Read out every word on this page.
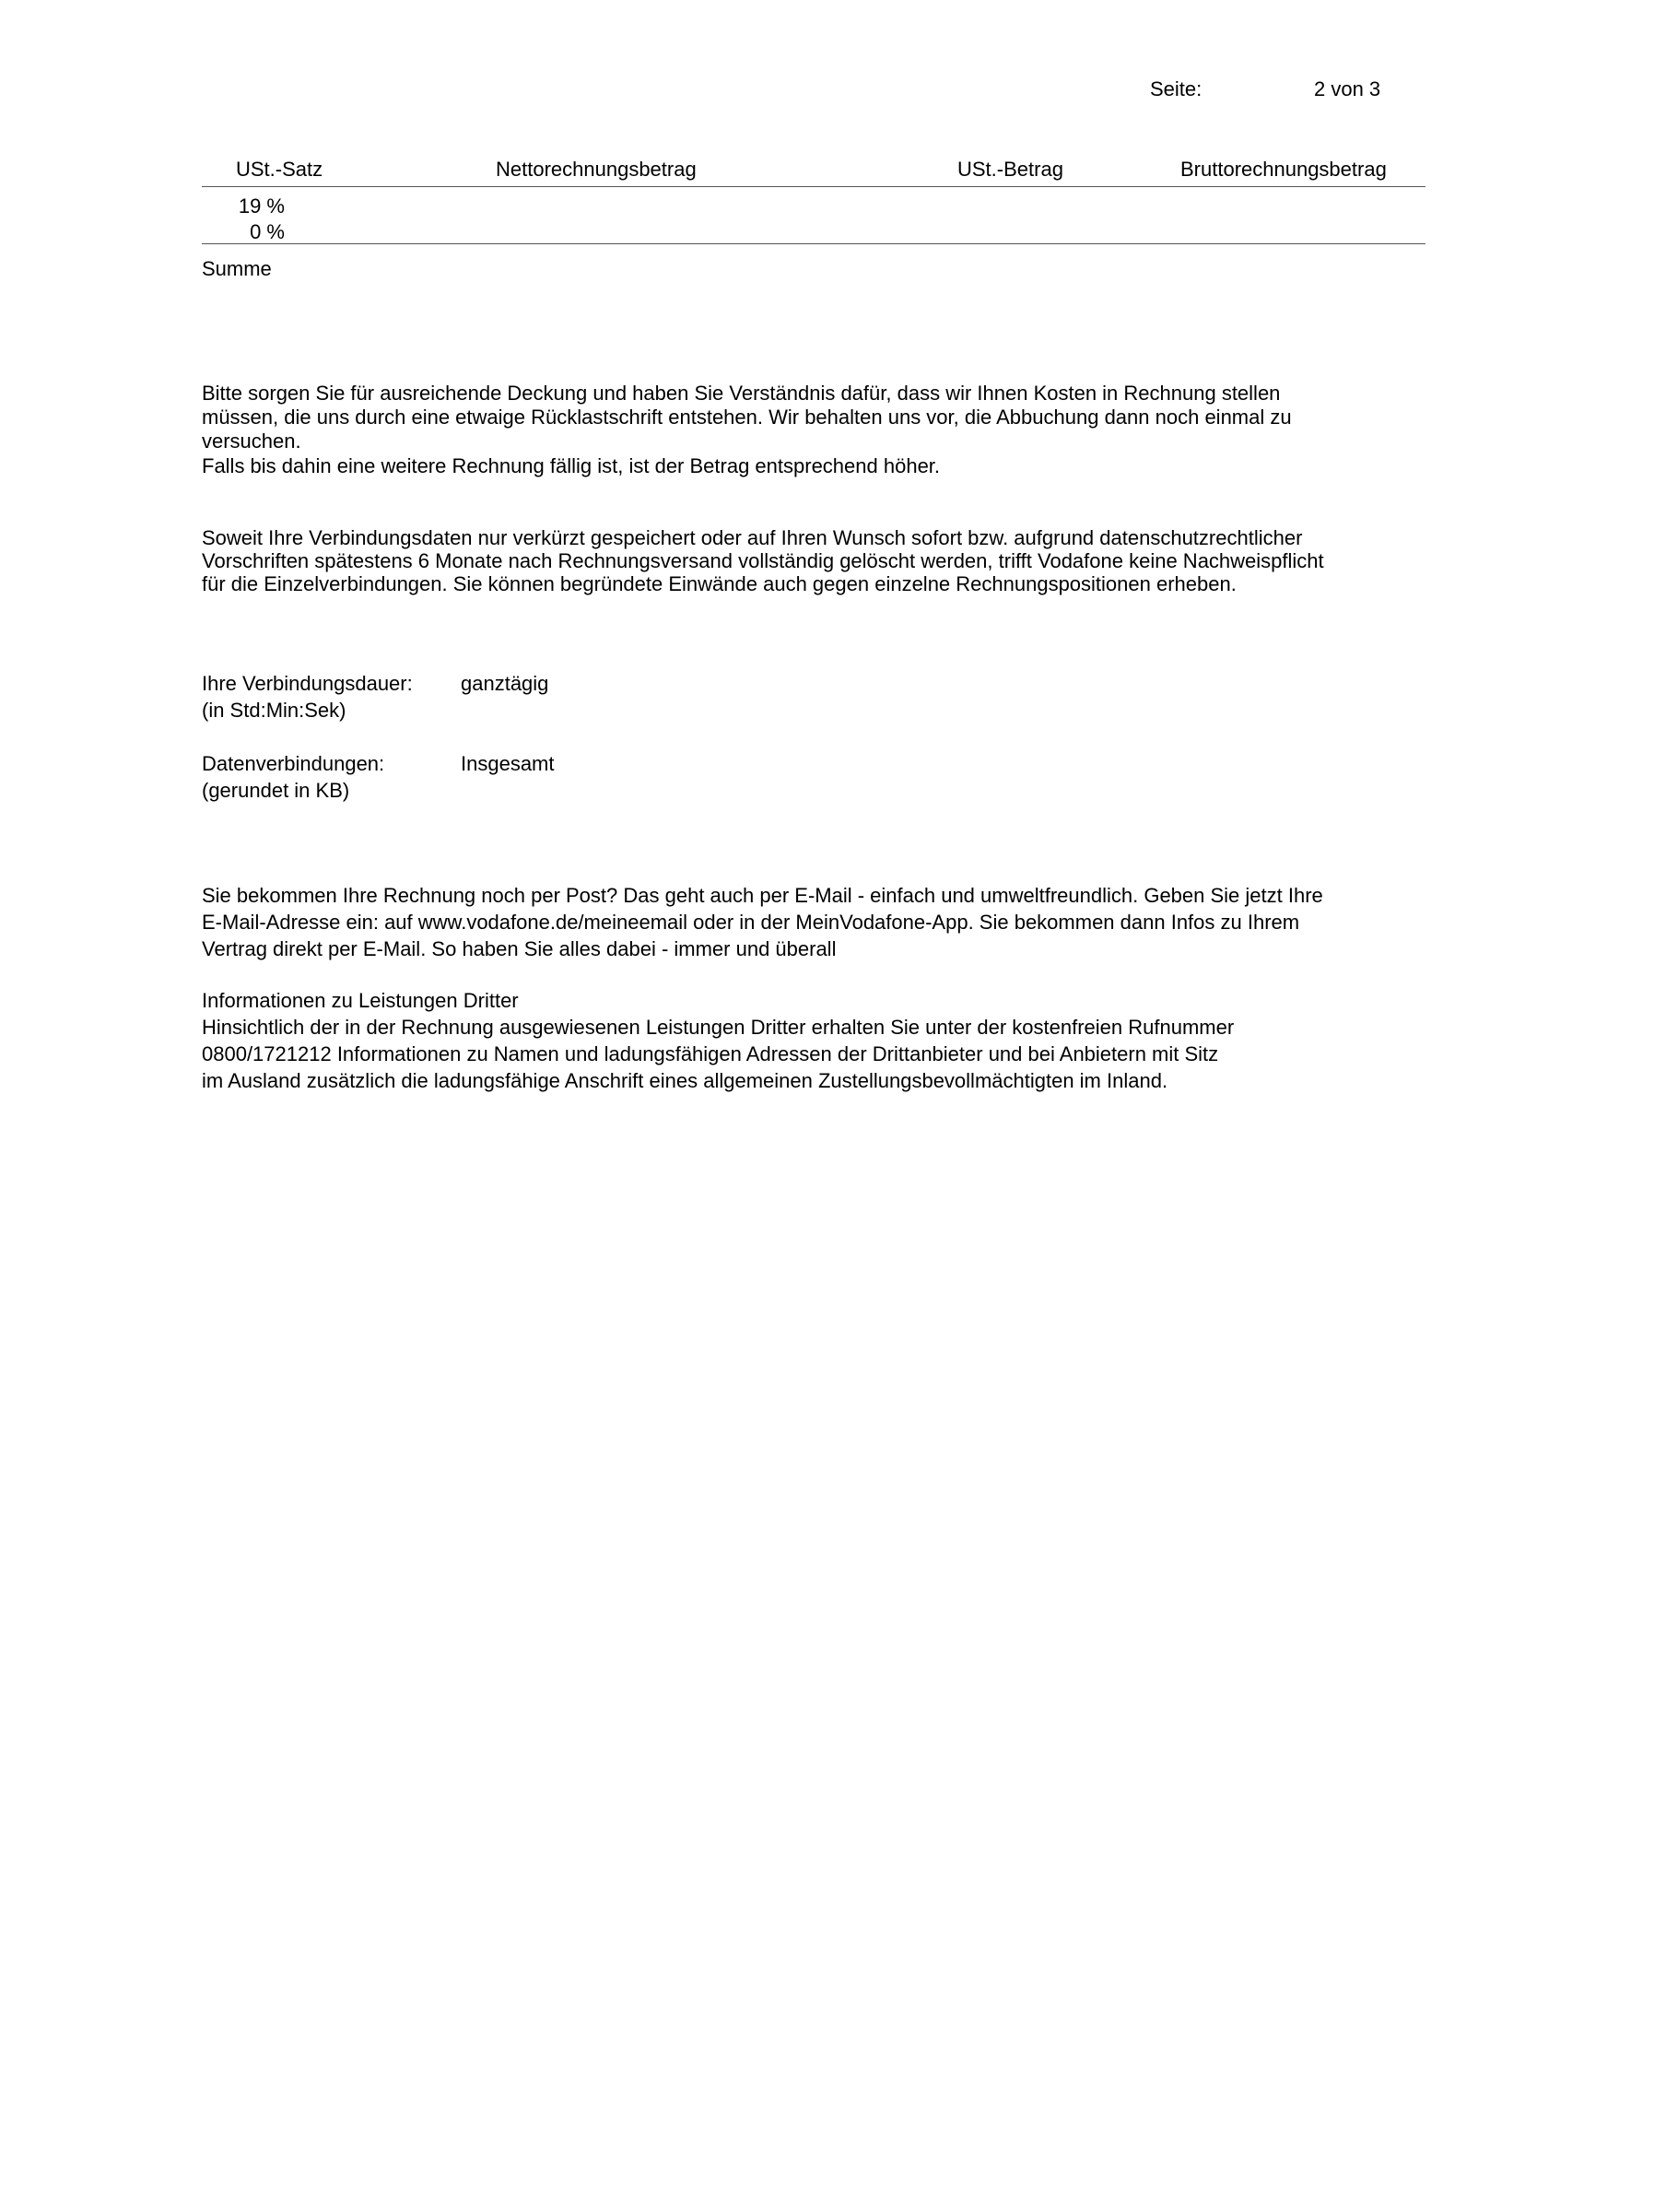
Seite:	2 von 3
USt.-Satz	Nettorechnungsbetrag	USt.-Betrag	Bruttorechnungsbetrag
19 %
0 %
Summe
Bitte sorgen Sie für ausreichende Deckung und haben Sie Verständnis dafür, dass wir Ihnen Kosten in Rechnung stellen
müssen, die uns durch eine etwaige Rücklastschrift entstehen. Wir behalten uns vor, die Abbuchung dann noch einmal zu
versuchen.
Falls bis dahin eine weitere Rechnung fällig ist, ist der Betrag entsprechend höher.
Soweit Ihre Verbindungsdaten nur verkürzt gespeichert oder auf Ihren Wunsch sofort bzw. aufgrund datenschutzrechtlicher
Vorschriften spätestens 6 Monate nach Rechnungsversand vollständig gelöscht werden, trifft Vodafone keine Nachweispflicht
für die Einzelverbindungen. Sie können begründete Einwände auch gegen einzelne Rechnungspositionen erheben.
Ihre Verbindungsdauer:
(in Std:Min:Sek)
ganztägig
Datenverbindungen:
(gerundet in KB)
Insgesamt
Sie bekommen Ihre Rechnung noch per Post? Das geht auch per E-Mail - einfach und umweltfreundlich. Geben Sie jetzt Ihre
E-Mail-Adresse ein: auf www.vodafone.de/meineemail oder in der MeinVodafone-App. Sie bekommen dann Infos zu Ihrem
Vertrag direkt per E-Mail. So haben Sie alles dabei - immer und überall
Informationen zu Leistungen Dritter
Hinsichtlich der in der Rechnung ausgewiesenen Leistungen Dritter erhalten Sie unter der kostenfreien Rufnummer
0800/1721212 Informationen zu Namen und ladungsfähigen Adressen der Drittanbieter und bei Anbietern mit Sitz
im Ausland zusätzlich die ladungsfähige Anschrift eines allgemeinen Zustellungsbevollmächtigten im Inland.
